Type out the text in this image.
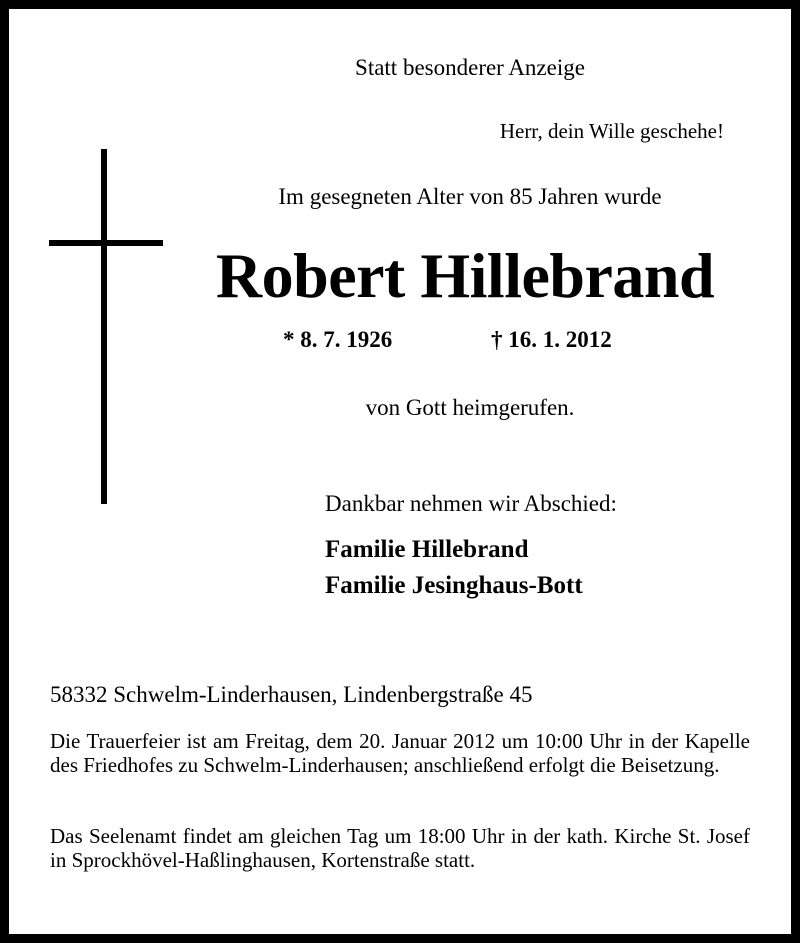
Statt besonderer Anzeige
Herr, dein Wille geschehe!
Im gesegneten Alter von 85 Jahren wurde
Robert Hillebrand
* 8. 7. 1926	† 16. 1. 2012
von Gott heimgerufen.
Dankbar nehmen wir Abschied:
Familie Hillebrand
Familie Jesinghaus-Bott
58332 Schwelm-Linderhausen, Lindenbergstraße 45
Die Trauerfeier ist am Freitag, dem 20. Januar 2012 um 10:00 Uhr in der Kapelle des Friedhofes zu Schwelm-Linderhausen; anschließend erfolgt die Beisetzung.
Das Seelenamt findet am gleichen Tag um 18:00 Uhr in der kath. Kirche St. Josef in Sprockhövel-Haßlinghausen, Kortenstraße statt.
